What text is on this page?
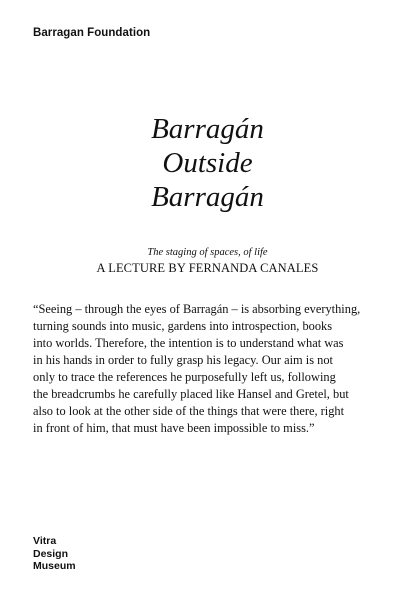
Barragan Foundation
Barragán
Outside
Barragán
The staging of spaces, of life
A LECTURE BY FERNANDA CANALES

“Seeing – through the eyes of Barragán – is absorbing everything,
turning sounds into music, gardens into introspection, books
into worlds. Therefore, the intention is to understand what was
in his hands in order to fully grasp his legacy. Our aim is not
only to trace the references he purposefully left us, following
the breadcrumbs he carefully placed like Hansel and Gretel, but
also to look at the other side of the things that were there, right
in front of him, that must have been impossible to miss.”

Vitra
Design
Museum
